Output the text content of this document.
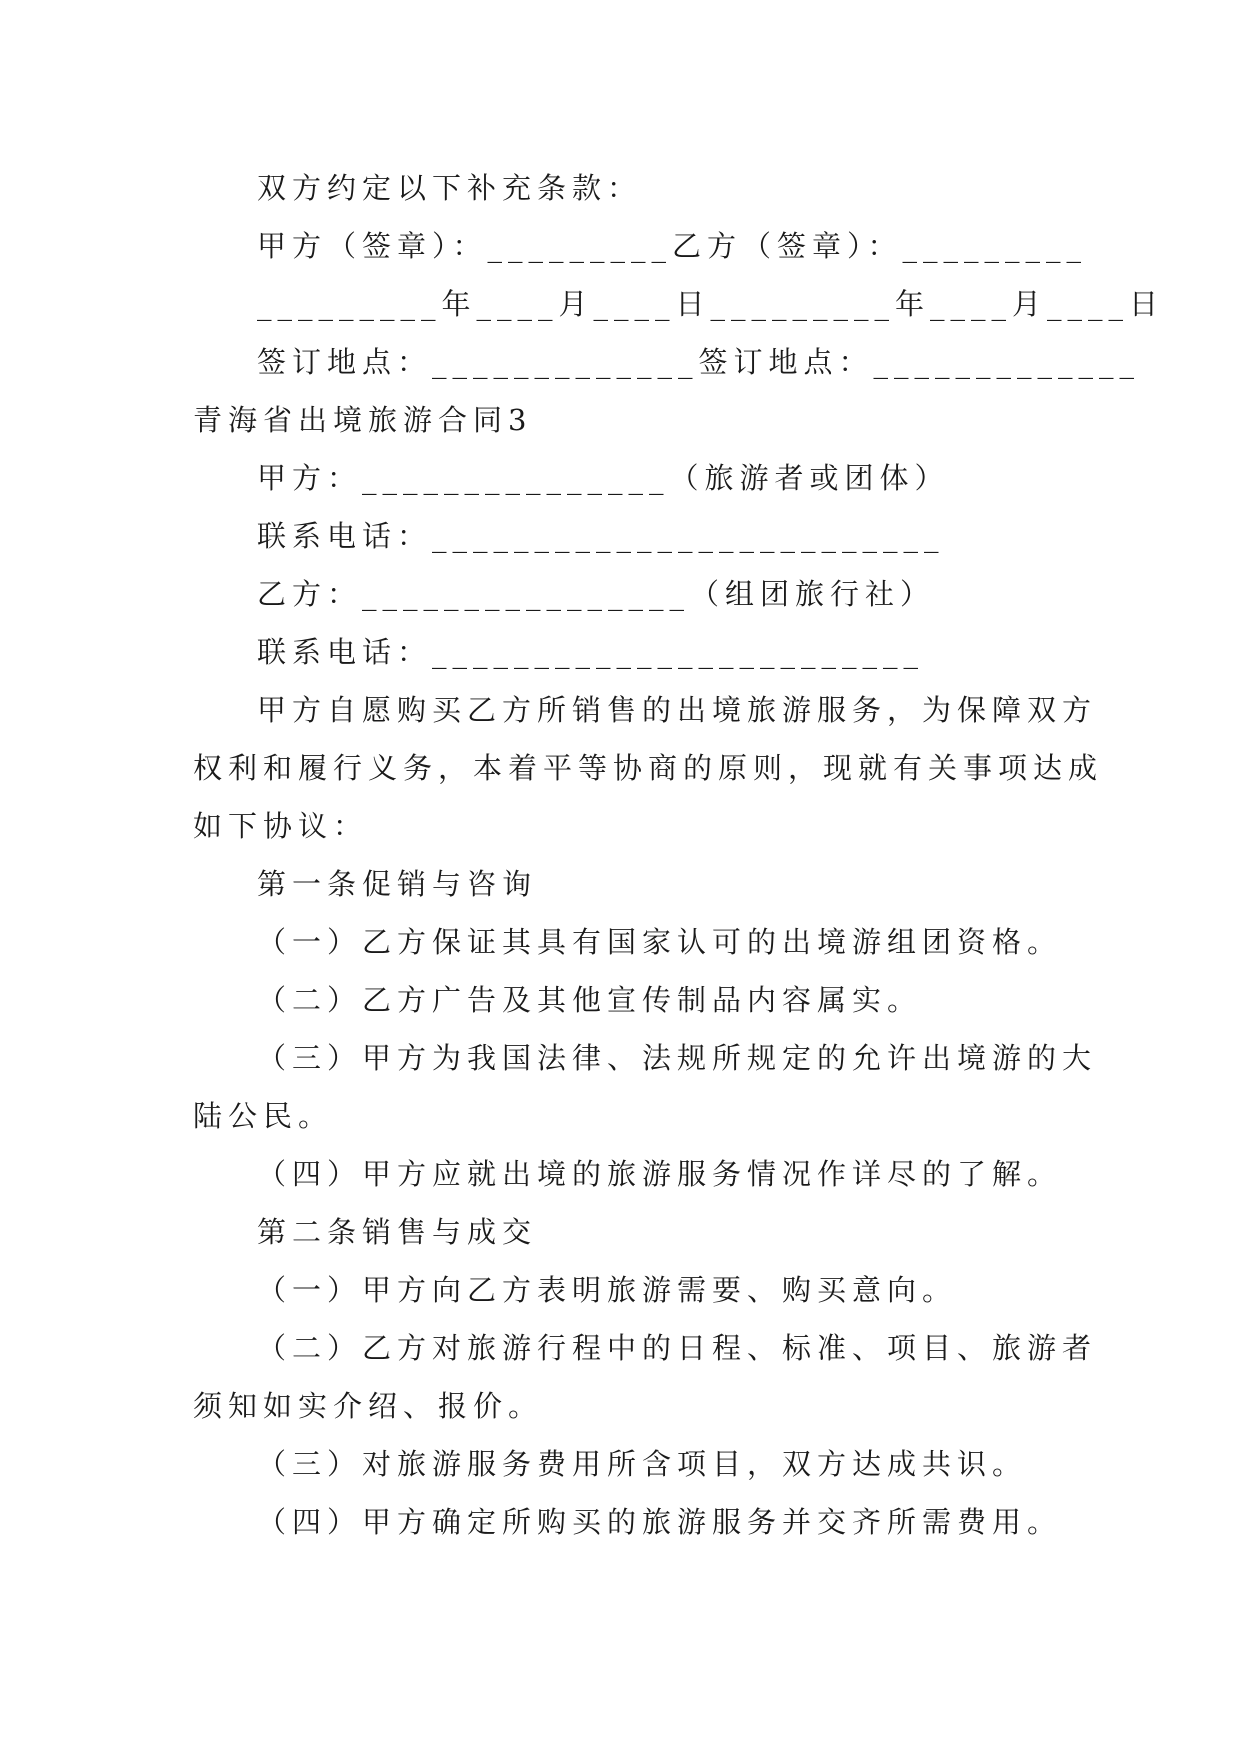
双方约定以下补充条款：
甲方（签章）：_________乙方（签章）：_________
_________年____月____日_________年____月____日
签订地点：_____________签订地点：_____________
青海省出境旅游合同3
甲方：_______________（旅游者或团体）
联系电话：_________________________
乙方：________________（组团旅行社）
联系电话：________________________
甲方自愿购买乙方所销售的出境旅游服务，为保障双方
权利和履行义务，本着平等协商的原则，现就有关事项达成
如下协议：
第一条促销与咨询
（一）乙方保证其具有国家认可的出境游组团资格。
（二）乙方广告及其他宣传制品内容属实。
（三）甲方为我国法律、法规所规定的允许出境游的大
陆公民。
（四）甲方应就出境的旅游服务情况作详尽的了解。
第二条销售与成交
（一）甲方向乙方表明旅游需要、购买意向。
（二）乙方对旅游行程中的日程、标准、项目、旅游者
须知如实介绍、报价。
（三）对旅游服务费用所含项目，双方达成共识。
（四）甲方确定所购买的旅游服务并交齐所需费用。
